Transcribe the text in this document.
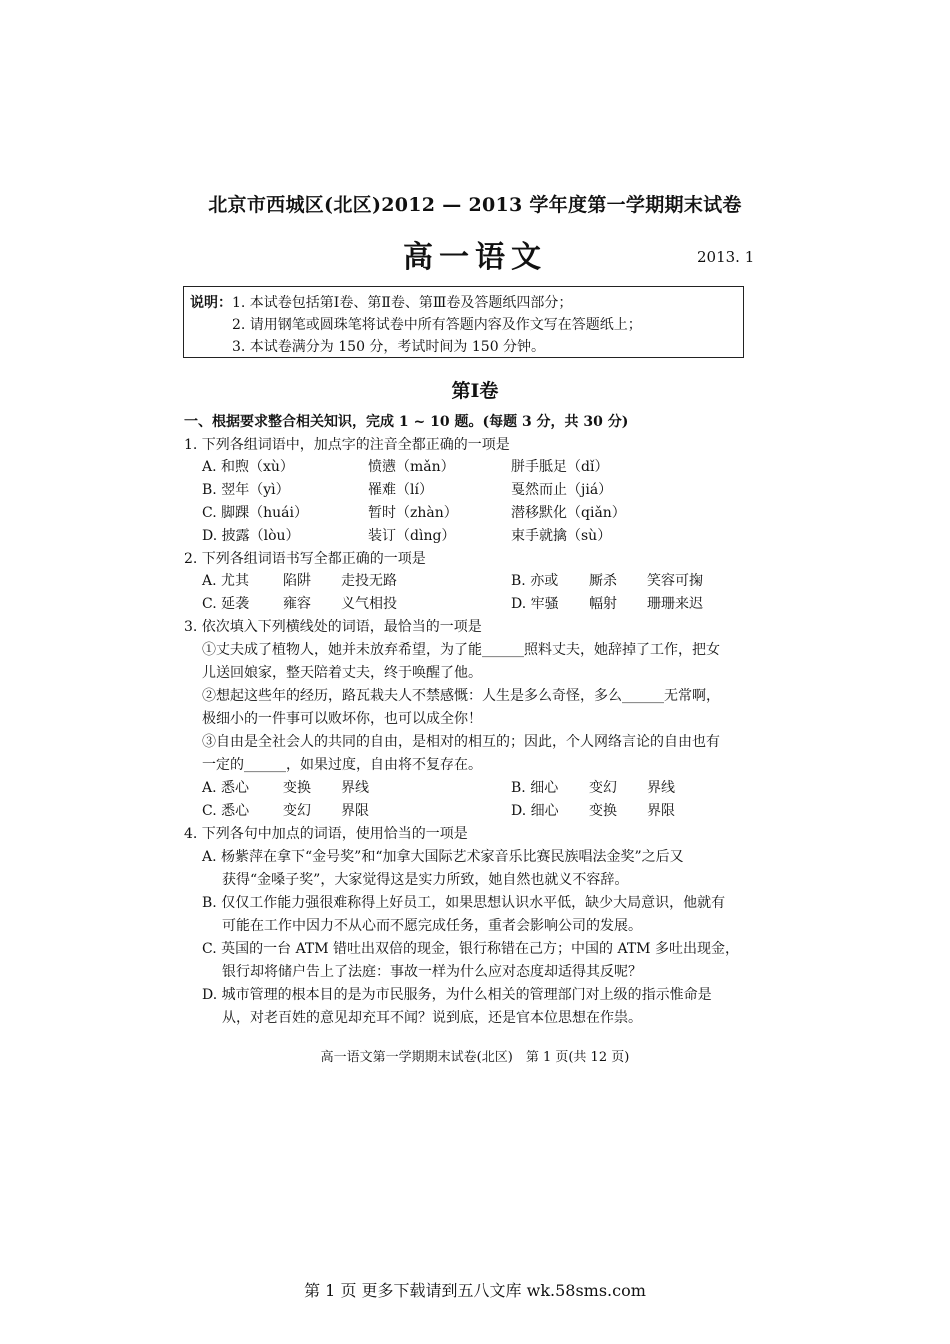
北京市西城区(北区)2012 — 2013 学年度第一学期期末试卷
高一语文	2013. 1
说明： 1. 本试卷包括第Ⅰ卷、第Ⅱ卷、第Ⅲ卷及答题纸四部分；
2. 请用钢笔或圆珠笔将试卷中所有答题内容及作文写在答题纸上；
3. 本试卷满分为 150 分，考试时间为 150 分钟。
第Ⅰ卷
一、根据要求整合相关知识，完成 1 ~ 10 题。(每题 3 分，共 30 分)
1. 下列各组词语中，加点字的注音全都正确的一项是
A. 和煦（xù）	愤懑（mǎn）	胼手胝足（dǐ）
B. 翌年（yì）	罹难（lí）	戛然而止（jiá）
C. 脚踝（huái）	暂时（zhàn）	潜移默化（qiǎn）
D. 披露（lòu）	装订（dìng）	束手就擒（sù）
2. 下列各组词语书写全都正确的一项是
A. 尤其 陷阱 走投无路	B. 亦或 厮杀 笑容可掬
C. 延袭 雍容 义气相投	D. 牢骚 幅射 珊珊来迟
3. 依次填入下列横线处的词语，最恰当的一项是
①丈夫成了植物人，她并未放弃希望，为了能______照料丈夫，她辞掉了工作，把女
儿送回娘家，整天陪着丈夫，终于唤醒了他。
②想起这些年的经历，路瓦栽夫人不禁感慨：人生是多么奇怪，多么______无常啊，
极细小的一件事可以败坏你，也可以成全你！
③自由是全社会人的共同的自由，是相对的相互的；因此，个人网络言论的自由也有
一定的______，如果过度，自由将不复存在。
A. 悉心 变换 界线	B. 细心 变幻 界线
C. 悉心 变幻 界限	D. 细心 变换 界限
4. 下列各句中加点的词语，使用恰当的一项是
A. 杨紫萍在拿下“金号奖”和“加拿大国际艺术家音乐比赛民族唱法金奖”之后又
获得“金嗓子奖”，大家觉得这是实力所致，她自然也就义不容辞。
B. 仅仅工作能力强很难称得上好员工，如果思想认识水平低，缺少大局意识，他就有
可能在工作中因力不从心而不愿完成任务，重者会影响公司的发展。
C. 英国的一台 ATM 错吐出双倍的现金，银行称错在己方；中国的 ATM 多吐出现金，
银行却将储户告上了法庭：事故一样为什么应对态度却适得其反呢？
D. 城市管理的根本目的是为市民服务，为什么相关的管理部门对上级的指示惟命是
从，对老百姓的意见却充耳不闻？说到底，还是官本位思想在作祟。
高一语文第一学期期末试卷(北区)　第 1 页(共 12 页)
第 1 页 更多下载请到五八文库 wk.58sms.com
